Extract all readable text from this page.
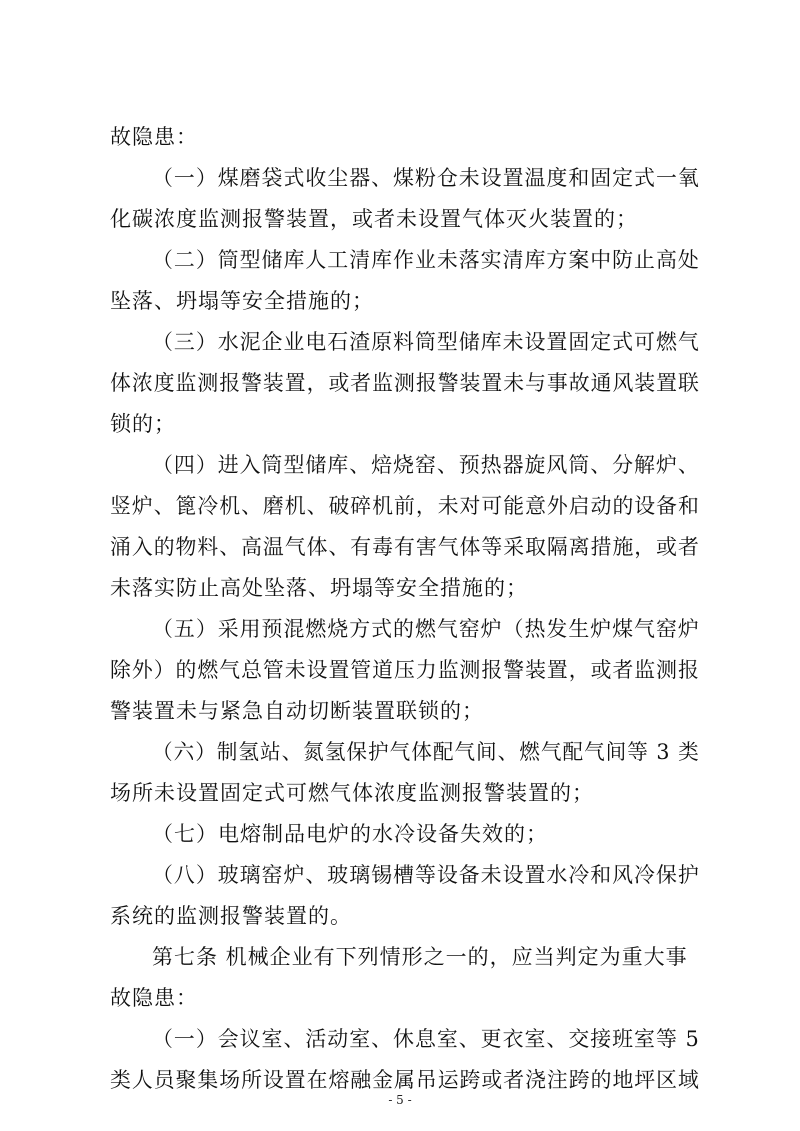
故隐患：
（一）煤磨袋式收尘器、煤粉仓未设置温度和固定式一氧
化碳浓度监测报警装置，或者未设置气体灭火装置的；
（二）筒型储库人工清库作业未落实清库方案中防止高处
坠落、坍塌等安全措施的；
（三）水泥企业电石渣原料筒型储库未设置固定式可燃气
体浓度监测报警装置，或者监测报警装置未与事故通风装置联
锁的；
（四）进入筒型储库、焙烧窑、预热器旋风筒、分解炉、
竖炉、篦冷机、磨机、破碎机前，未对可能意外启动的设备和
涌入的物料、高温气体、有毒有害气体等采取隔离措施，或者
未落实防止高处坠落、坍塌等安全措施的；
（五）采用预混燃烧方式的燃气窑炉（热发生炉煤气窑炉
除外）的燃气总管未设置管道压力监测报警装置，或者监测报
警装置未与紧急自动切断装置联锁的；
（六）制氢站、氮氢保护气体配气间、燃气配气间等 3 类
场所未设置固定式可燃气体浓度监测报警装置的；
（七）电熔制品电炉的水冷设备失效的；
（八）玻璃窑炉、玻璃锡槽等设备未设置水冷和风冷保护
系统的监测报警装置的。
第七条 机械企业有下列情形之一的，应当判定为重大事
故隐患：
（一）会议室、活动室、休息室、更衣室、交接班室等 5
类人员聚集场所设置在熔融金属吊运跨或者浇注跨的地坪区域
- 5 -
